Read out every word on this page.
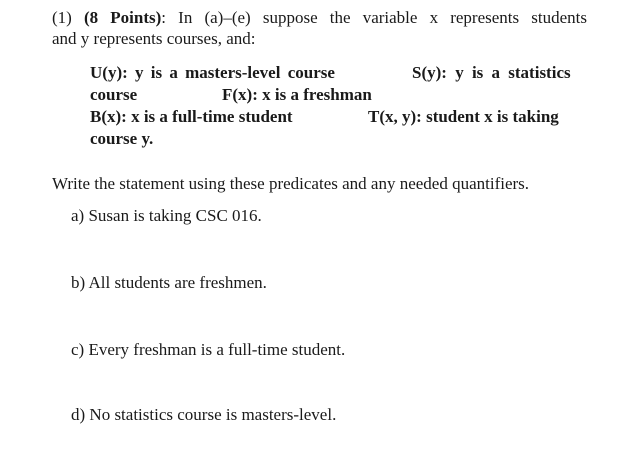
(1) (8 Points): In (a)–(e) suppose the variable x represents students
and y represents courses, and:
U(y): y is a masters-level course	S(y): y is a statistics
course	F(x): x is a freshman
B(x): x is a full-time student	T(x, y): student x is taking
course y.
Write the statement using these predicates and any needed quantifiers.
a) Susan is taking CSC 016.
b) All students are freshmen.
c) Every freshman is a full-time student.
d) No statistics course is masters-level.
